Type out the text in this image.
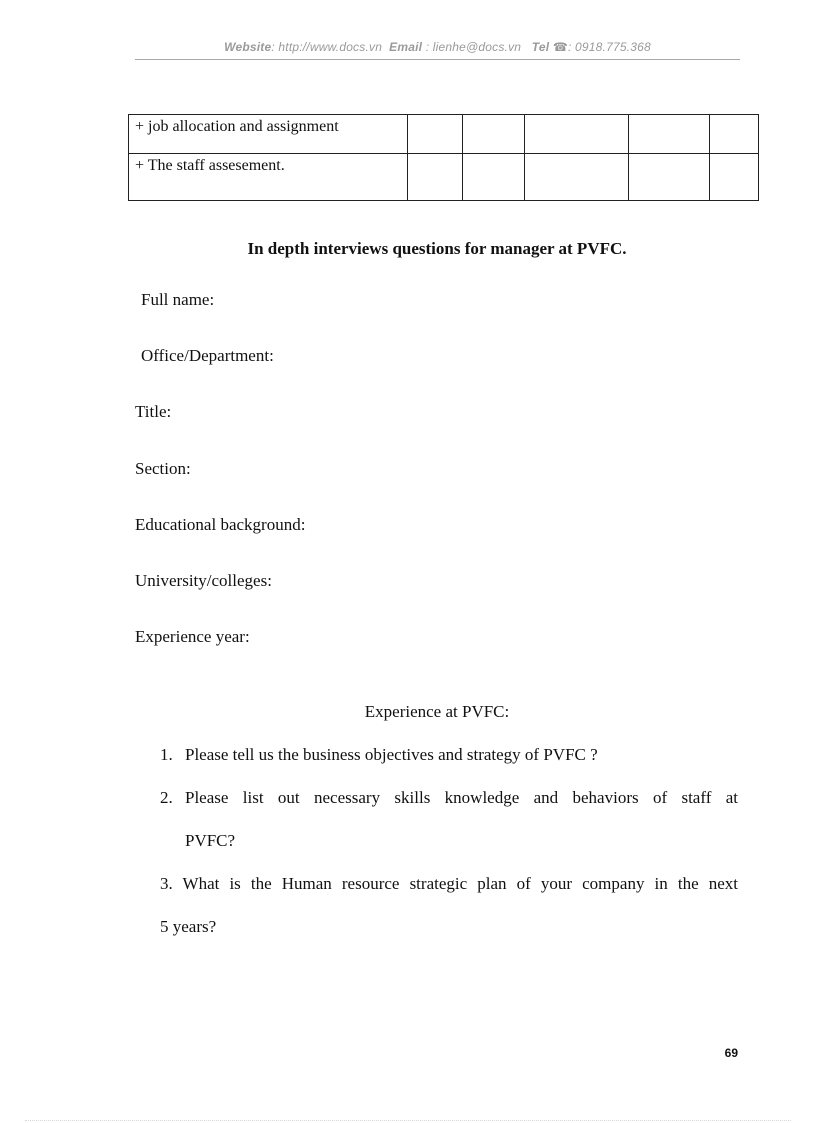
Website: http://www.docs.vn Email : lienhe@docs.vn Tel ☎: 0918.775.368
+ job allocation and assignment					
+ The staff assesement.					
In depth interviews questions for manager at PVFC.
Full name:
Office/Department:
Title:
Section:
Educational background:
University/colleges:
Experience year:
Experience at PVFC:
1. Please tell us the business objectives and strategy of PVFC ?
2. Please list out necessary skills knowledge and behaviors of staff at
PVFC?
3. What is the Human resource strategic plan of your company in the next
5 years?
69
